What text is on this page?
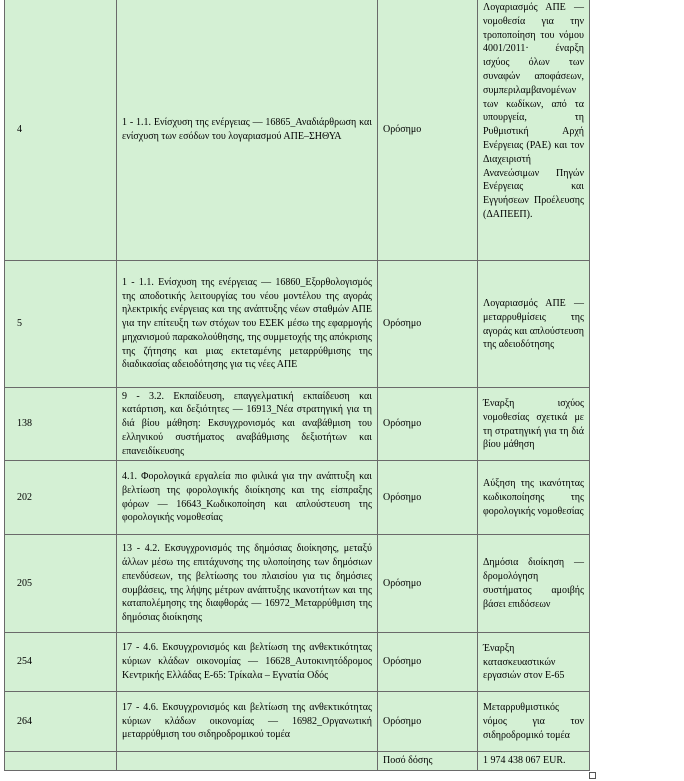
4	1 - 1.1. Ενίσχυση της ενέργειας — 16865_Αναδιάρθρωση και ενίσχυση των εσόδων του λογαριασμού ΑΠΕ–ΣΗΘΥΑ	Ορόσημο	Λογαριασμός ΑΠΕ — νομοθεσία για την τροποποίηση του νόμου 4001/2011· έναρξη ισχύος όλων των συναφών αποφάσεων, συμπεριλαμβανομένων των κωδίκων, από τα υπουργεία, τη Ρυθμιστική Αρχή Ενέργειας (ΡΑΕ) και τον Διαχειριστή Ανανεώσιμων Πηγών Ενέργειας και Εγγυήσεων Προέλευσης (ΔΑΠΕΕΠ).
5	1 - 1.1. Ενίσχυση της ενέργειας — 16860_Εξορθολογισμός της αποδοτικής λειτουργίας του νέου μοντέλου της αγοράς ηλεκτρικής ενέργειας και της ανάπτυξης νέων σταθμών ΑΠΕ για την επίτευξη των στόχων του ΕΣΕΚ μέσω της εφαρμογής μηχανισμού παρακολούθησης, της συμμετοχής της απόκρισης της ζήτησης και μιας εκτεταμένης μεταρρύθμισης της διαδικασίας αδειοδότησης για τις νέες ΑΠΕ	Ορόσημο	Λογαριασμός ΑΠΕ — μεταρρυθμίσεις της αγοράς και απλούστευση της αδειοδότησης
138	9 - 3.2. Εκπαίδευση, επαγγελματική εκπαίδευση και κατάρτιση, και δεξιότητες — 16913_Νέα στρατηγική για τη διά βίου μάθηση: Εκσυγχρονισμός και αναβάθμιση του ελληνικού συστήματος αναβάθμισης δεξιοτήτων και επανειδίκευσης	Ορόσημο	Έναρξη ισχύος νομοθεσίας σχετικά με τη στρατηγική για τη διά βίου μάθηση
202	4.1. Φορολογικά εργαλεία πιο φιλικά για την ανάπτυξη και βελτίωση της φορολογικής διοίκησης και της είσπραξης φόρων — 16643_Κωδικοποίηση και απλούστευση της φορολογικής νομοθεσίας	Ορόσημο	Αύξηση της ικανότητας κωδικοποίησης της φορολογικής νομοθεσίας
205	13 - 4.2. Εκσυγχρονισμός της δημόσιας διοίκησης, μεταξύ άλλων μέσω της επιτάχυνσης της υλοποίησης των δημόσιων επενδύσεων, της βελτίωσης του πλαισίου για τις δημόσιες συμβάσεις, της λήψης μέτρων ανάπτυξης ικανοτήτων και της καταπολέμησης της διαφθοράς — 16972_Μεταρρύθμιση της δημόσιας διοίκησης	Ορόσημο	Δημόσια διοίκηση — δρομολόγηση συστήματος αμοιβής βάσει επιδόσεων
254	17 - 4.6. Εκσυγχρονισμός και βελτίωση της ανθεκτικότητας κύριων κλάδων οικονομίας — 16628_Αυτοκινητόδρομος Κεντρικής Ελλάδας Ε-65: Τρίκαλα – Εγνατία Οδός	Ορόσημο	Έναρξη κατασκευαστικών εργασιών στον Ε-65
264	17 - 4.6. Εκσυγχρονισμός και βελτίωση της ανθεκτικότητας κύριων κλάδων οικονομίας — 16982_Οργανωτική μεταρρύθμιση του σιδηροδρομικού τομέα	Ορόσημο	Μεταρρυθμιστικός νόμος για τον σιδηροδρομικό τομέα
		Ποσό δόσης	1 974 438 067 EUR.
